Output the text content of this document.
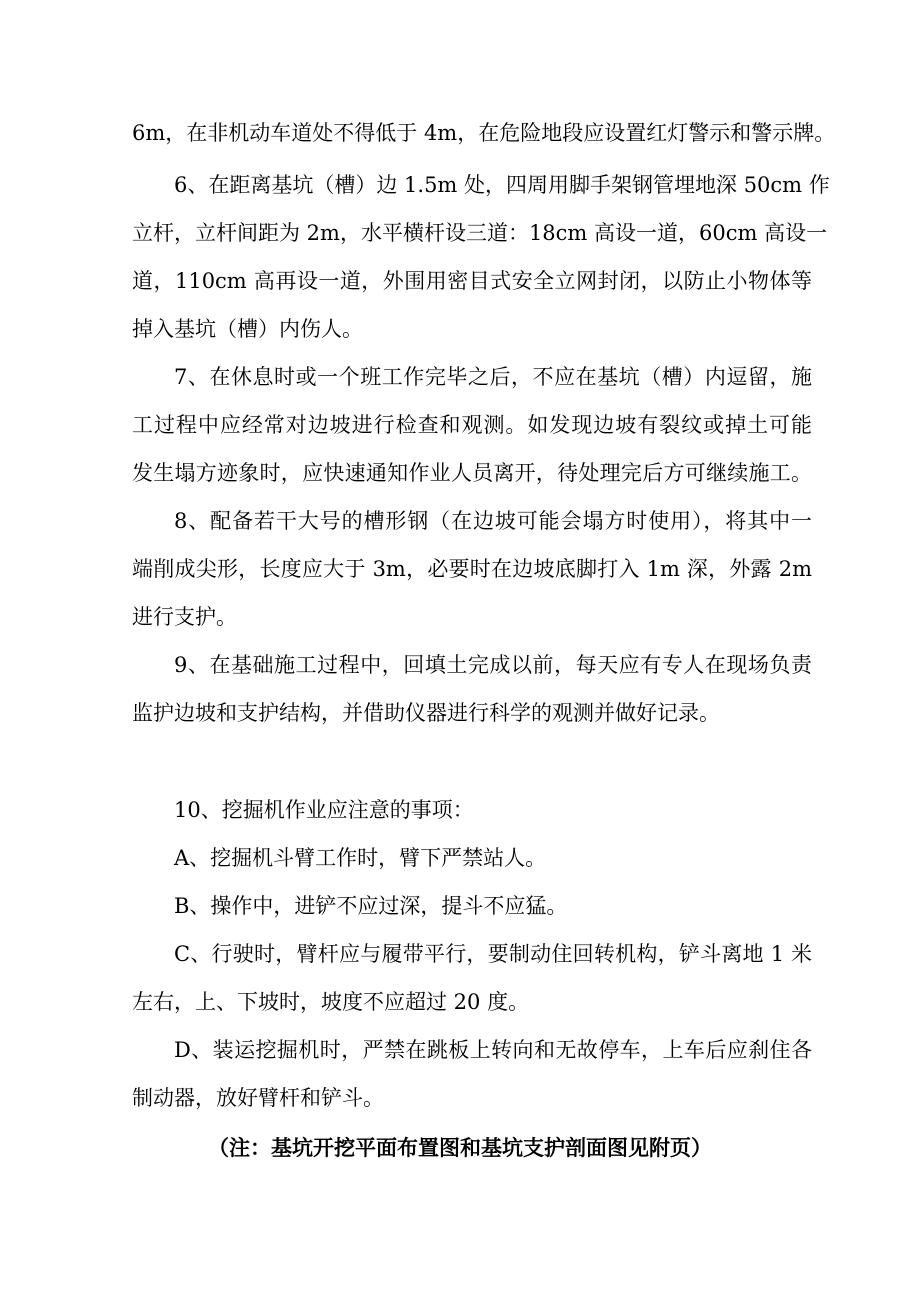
6m，在非机动车道处不得低于 4m，在危险地段应设置红灯警示和警示牌。
6、在距离基坑（槽）边 1.5m 处，四周用脚手架钢管埋地深 50cm 作
立杆，立杆间距为 2m，水平横杆设三道：18cm 高设一道，60cm 高设一
道，110cm 高再设一道，外围用密目式安全立网封闭，以防止小物体等
掉入基坑（槽）内伤人。
7、在休息时或一个班工作完毕之后，不应在基坑（槽）内逗留，施
工过程中应经常对边坡进行检查和观测。如发现边坡有裂纹或掉土可能
发生塌方迹象时，应快速通知作业人员离开，待处理完后方可继续施工。
8、配备若干大号的槽形钢（在边坡可能会塌方时使用），将其中一
端削成尖形，长度应大于 3m，必要时在边坡底脚打入 1m 深，外露 2m
进行支护。
9、在基础施工过程中，回填土完成以前，每天应有专人在现场负责
监护边坡和支护结构，并借助仪器进行科学的观测并做好记录。
10、挖掘机作业应注意的事项：
A、挖掘机斗臂工作时，臂下严禁站人。
B、操作中，进铲不应过深，提斗不应猛。
C、行驶时，臂杆应与履带平行，要制动住回转机构，铲斗离地 1 米
左右，上、下坡时，坡度不应超过 20 度。
D、装运挖掘机时，严禁在跳板上转向和无故停车，上车后应刹住各
制动器，放好臂杆和铲斗。
（注：基坑开挖平面布置图和基坑支护剖面图见附页）
